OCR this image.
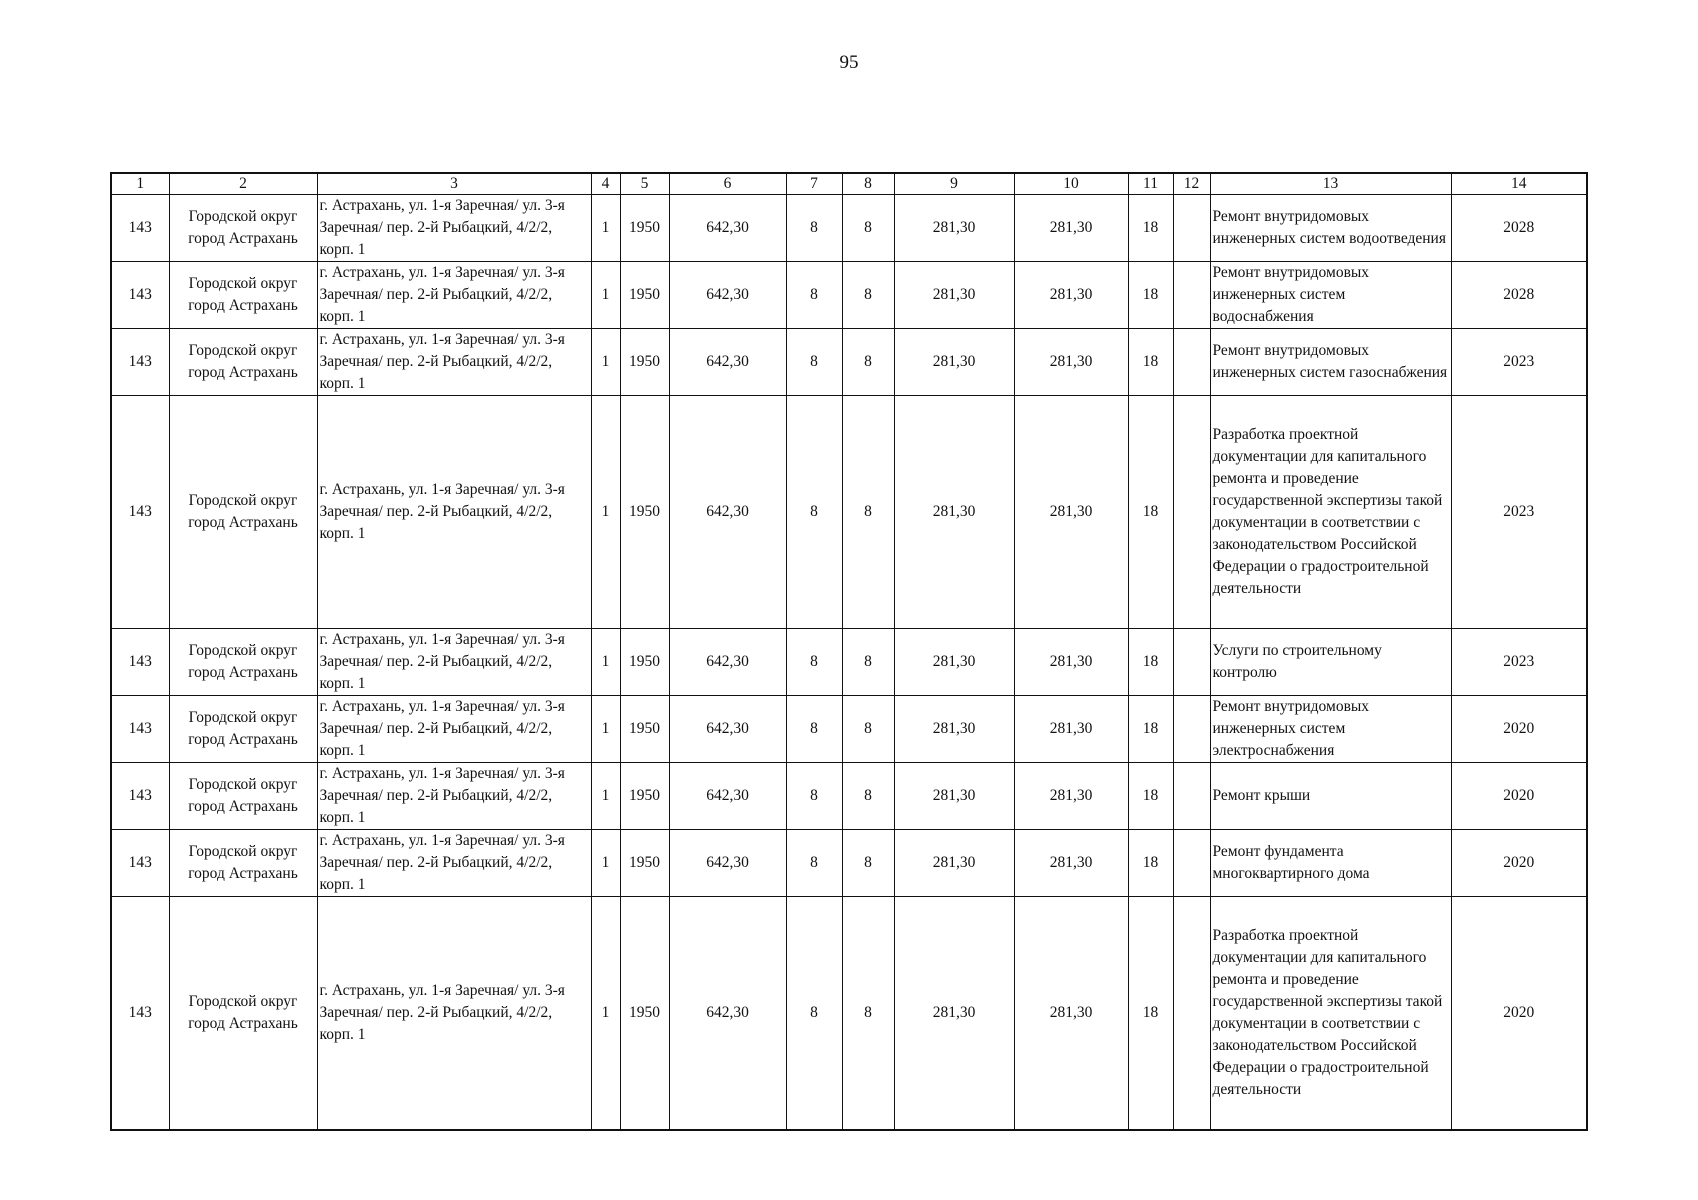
95
1	2	3	4	5	6	7	8	9	10	11	12	13	14
143	Городской округ город Астрахань	г. Астрахань, ул. 1-я Заречная/ ул. 3-я Заречная/ пер. 2-й Рыбацкий, 4/2/2, корп. 1	1	1950	642,30	8	8	281,30	281,30	18		Ремонт внутридомовых инженерных систем водоотведения	2028
143	Городской округ город Астрахань	г. Астрахань, ул. 1-я Заречная/ ул. 3-я Заречная/ пер. 2-й Рыбацкий, 4/2/2, корп. 1	1	1950	642,30	8	8	281,30	281,30	18		Ремонт внутридомовых инженерных систем водоснабжения	2028
143	Городской округ город Астрахань	г. Астрахань, ул. 1-я Заречная/ ул. 3-я Заречная/ пер. 2-й Рыбацкий, 4/2/2, корп. 1	1	1950	642,30	8	8	281,30	281,30	18		Ремонт внутридомовых инженерных систем газоснабжения	2023
143	Городской округ город Астрахань	г. Астрахань, ул. 1-я Заречная/ ул. 3-я Заречная/ пер. 2-й Рыбацкий, 4/2/2, корп. 1	1	1950	642,30	8	8	281,30	281,30	18		Разработка проектной документации для капитального ремонта и проведение государственной экспертизы такой документации в соответствии с законодательством Российской Федерации о градостроительной деятельности	2023
143	Городской округ город Астрахань	г. Астрахань, ул. 1-я Заречная/ ул. 3-я Заречная/ пер. 2-й Рыбацкий, 4/2/2, корп. 1	1	1950	642,30	8	8	281,30	281,30	18		Услуги по строительному контролю	2023
143	Городской округ город Астрахань	г. Астрахань, ул. 1-я Заречная/ ул. 3-я Заречная/ пер. 2-й Рыбацкий, 4/2/2, корп. 1	1	1950	642,30	8	8	281,30	281,30	18		Ремонт внутридомовых инженерных систем электроснабжения	2020
143	Городской округ город Астрахань	г. Астрахань, ул. 1-я Заречная/ ул. 3-я Заречная/ пер. 2-й Рыбацкий, 4/2/2, корп. 1	1	1950	642,30	8	8	281,30	281,30	18		Ремонт крыши	2020
143	Городской округ город Астрахань	г. Астрахань, ул. 1-я Заречная/ ул. 3-я Заречная/ пер. 2-й Рыбацкий, 4/2/2, корп. 1	1	1950	642,30	8	8	281,30	281,30	18		Ремонт фундамента многоквартирного дома	2020
143	Городской округ город Астрахань	г. Астрахань, ул. 1-я Заречная/ ул. 3-я Заречная/ пер. 2-й Рыбацкий, 4/2/2, корп. 1	1	1950	642,30	8	8	281,30	281,30	18		Разработка проектной документации для капитального ремонта и проведение государственной экспертизы такой документации в соответствии с законодательством Российской Федерации о градостроительной деятельности	2020
